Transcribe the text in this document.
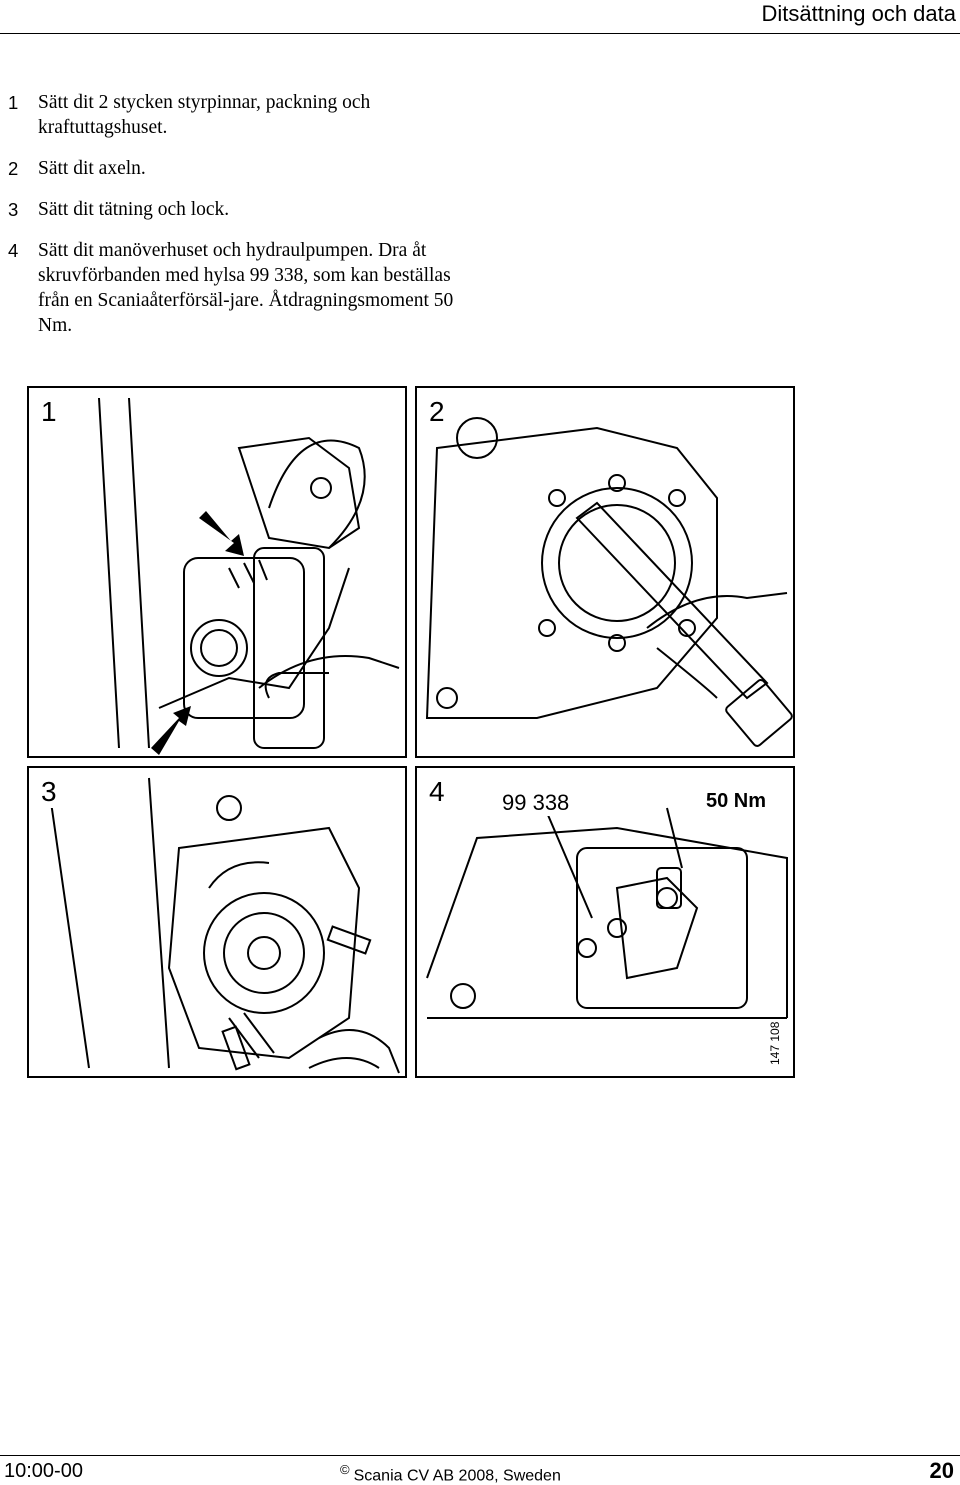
Ditsättning och data
1	Sätt dit 2 stycken styrpinnar, packning och kraftuttagshuset.
2	Sätt dit axeln.
3	Sätt dit tätning och lock.
4	Sätt dit manöverhuset och hydraulpumpen. Dra åt skruvförbanden med hylsa 99 338, som kan beställas från en Scaniaåterförsäl-jare. Åtdragningsmoment 50 Nm.
1	2
3	4	99 338	50 Nm
147 108
10:00-00	© Scania CV AB 2008, Sweden	20
